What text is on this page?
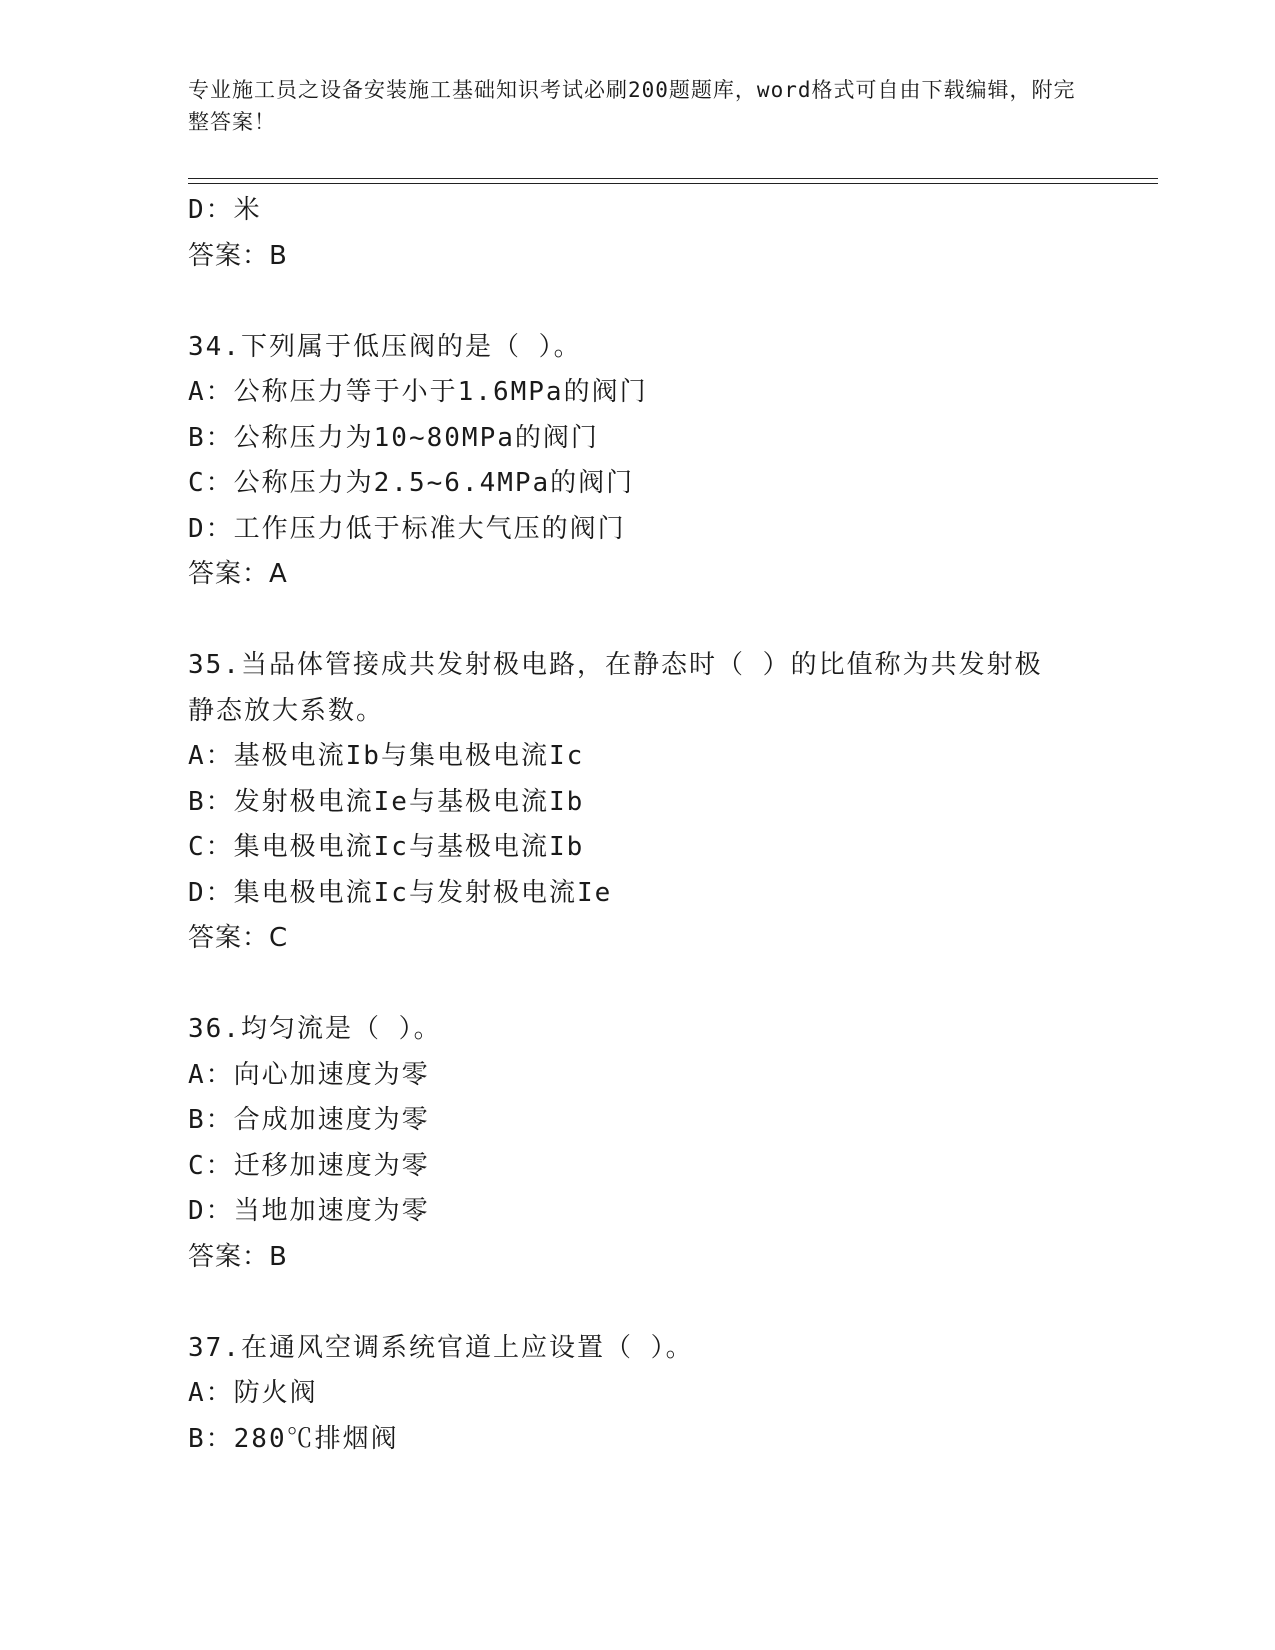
专业施工员之设备安装施工基础知识考试必刷200题题库，word格式可自由下载编辑，附完整答案！
D：米
答案：B
34.下列属于低压阀的是（ ）。
A：公称压力等于小于1.6MPa的阀门
B：公称压力为10~80MPa的阀门
C：公称压力为2.5~6.4MPa的阀门
D：工作压力低于标准大气压的阀门
答案：A
35.当品体管接成共发射极电路，在静态时（ ）的比值称为共发射极
静态放大系数。
A：基极电流Ib与集电极电流Ic
B：发射极电流Ie与基极电流Ib
C：集电极电流Ic与基极电流Ib
D：集电极电流Ic与发射极电流Ie
答案：C
36.均匀流是（ ）。
A：向心加速度为零
B：合成加速度为零
C：迁移加速度为零
D：当地加速度为零
答案：B
37.在通风空调系统官道上应设置（ ）。
A：防火阀
B：280℃排烟阀
